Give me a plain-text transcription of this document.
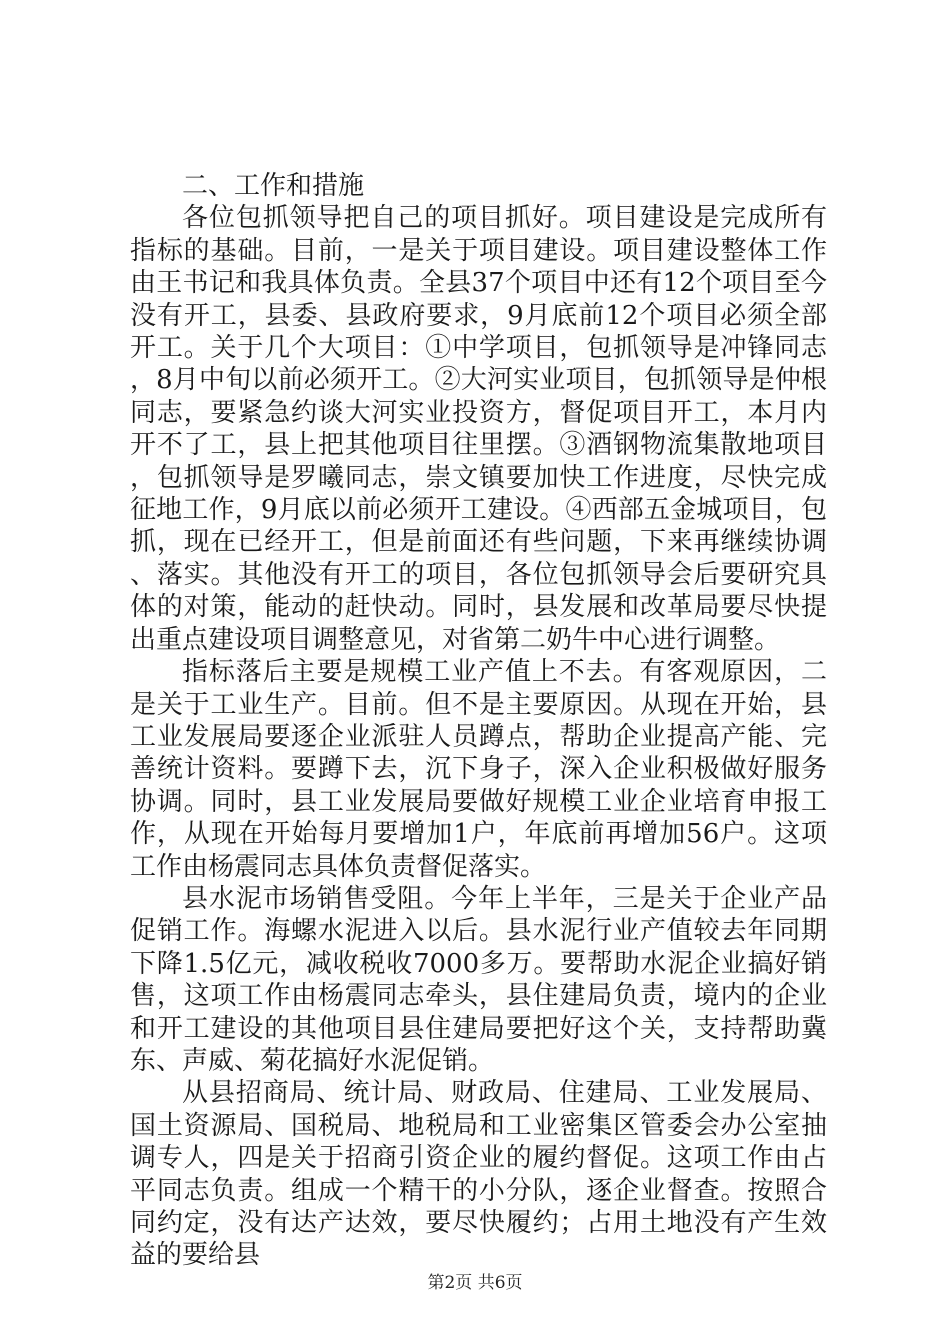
二、工作和措施

各位包抓领导把自己的项目抓好。项目建设是完成所有指标的基础。目前，一是关于项目建设。项目建设整体工作由王书记和我具体负责。全县37个项目中还有12个项目至今没有开工，县委、县政府要求，9月底前12个项目必须全部开工。关于几个大项目：①中学项目，包抓领导是冲锋同志，8月中旬以前必须开工。②大河实业项目，包抓领导是仲根同志，要紧急约谈大河实业投资方，督促项目开工，本月内开不了工，县上把其他项目往里摆。③酒钢物流集散地项目，包抓领导是罗曦同志，崇文镇要加快工作进度，尽快完成征地工作，9月底以前必须开工建设。④西部五金城项目，包抓，现在已经开工，但是前面还有些问题，下来再继续协调、落实。其他没有开工的项目，各位包抓领导会后要研究具体的对策，能动的赶快动。同时，县发展和改革局要尽快提出重点建设项目调整意见，对省第二奶牛中心进行调整。

指标落后主要是规模工业产值上不去。有客观原因，二是关于工业生产。目前。但不是主要原因。从现在开始，县工业发展局要逐企业派驻人员蹲点，帮助企业提高产能、完善统计资料。要蹲下去，沉下身子，深入企业积极做好服务协调。同时，县工业发展局要做好规模工业企业培育申报工作，从现在开始每月要增加1户，年底前再增加56户。这项工作由杨震同志具体负责督促落实。

县水泥市场销售受阻。今年上半年，三是关于企业产品促销工作。海螺水泥进入以后。县水泥行业产值较去年同期下降1.5亿元，减收税收7000多万。要帮助水泥企业搞好销售，这项工作由杨震同志牵头，县住建局负责，境内的企业和开工建设的其他项目县住建局要把好这个关，支持帮助冀东、声威、菊花搞好水泥促销。

从县招商局、统计局、财政局、住建局、工业发展局、国土资源局、国税局、地税局和工业密集区管委会办公室抽调专人，四是关于招商引资企业的履约督促。这项工作由占平同志负责。组成一个精干的小分队，逐企业督查。按照合同约定，没有达产达效，要尽快履约；占用土地没有产生效益的要给县

第2页 共6页
